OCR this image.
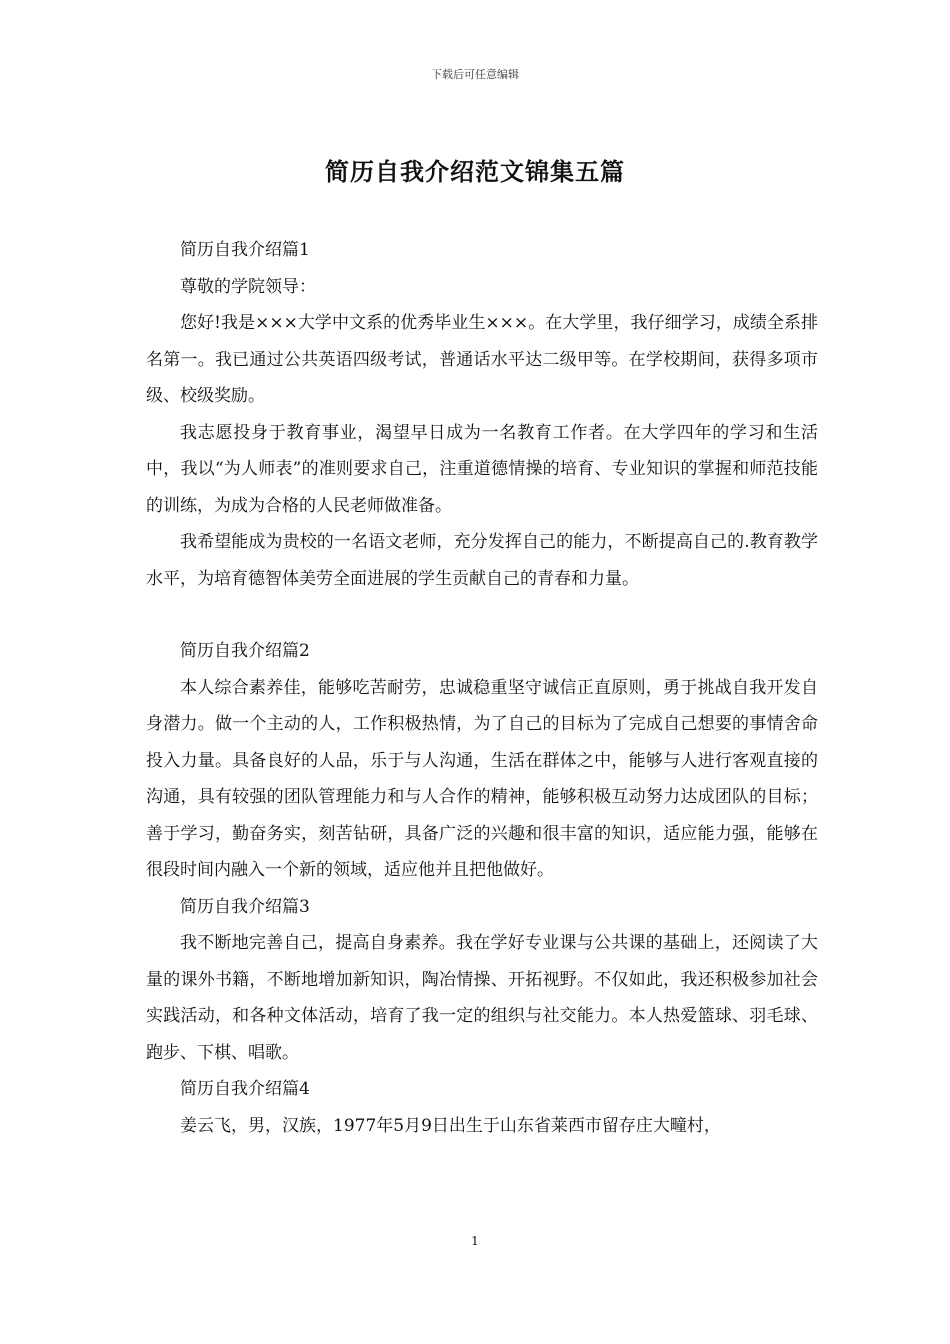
下载后可任意编辑
简历自我介绍范文锦集五篇

简历自我介绍篇1

尊敬的学院领导：

您好!我是×××大学中文系的优秀毕业生×××。在大学里，我仔细学习，成绩全系排名第一。我已通过公共英语四级考试，普通话水平达二级甲等。在学校期间，获得多项市级、校级奖励。

我志愿投身于教育事业，渴望早日成为一名教育工作者。在大学四年的学习和生活中，我以“为人师表”的准则要求自己，注重道德情操的培育、专业知识的掌握和师范技能的训练，为成为合格的人民老师做准备。

我希望能成为贵校的一名语文老师，充分发挥自己的能力，不断提高自己的.教育教学水平，为培育德智体美劳全面进展的学生贡献自己的青春和力量。

简历自我介绍篇2

本人综合素养佳，能够吃苦耐劳，忠诚稳重坚守诚信正直原则，勇于挑战自我开发自身潜力。做一个主动的人，工作积极热情，为了自己的目标为了完成自己想要的事情舍命投入力量。具备良好的人品，乐于与人沟通，生活在群体之中，能够与人进行客观直接的沟通，具有较强的团队管理能力和与人合作的精神，能够积极互动努力达成团队的目标；善于学习，勤奋务实，刻苦钻研，具备广泛的兴趣和很丰富的知识，适应能力强，能够在很段时间内融入一个新的领域，适应他并且把他做好。

简历自我介绍篇3

我不断地完善自己，提高自身素养。我在学好专业课与公共课的基础上，还阅读了大量的课外书籍，不断地增加新知识，陶冶情操、开拓视野。不仅如此，我还积极参加社会实践活动，和各种文体活动，培育了我一定的组织与社交能力。本人热爱篮球、羽毛球、跑步、下棋、唱歌。

简历自我介绍篇4

姜云飞，男，汉族，1977年5月9日出生于山东省莱西市留存庄大疃村，

1
